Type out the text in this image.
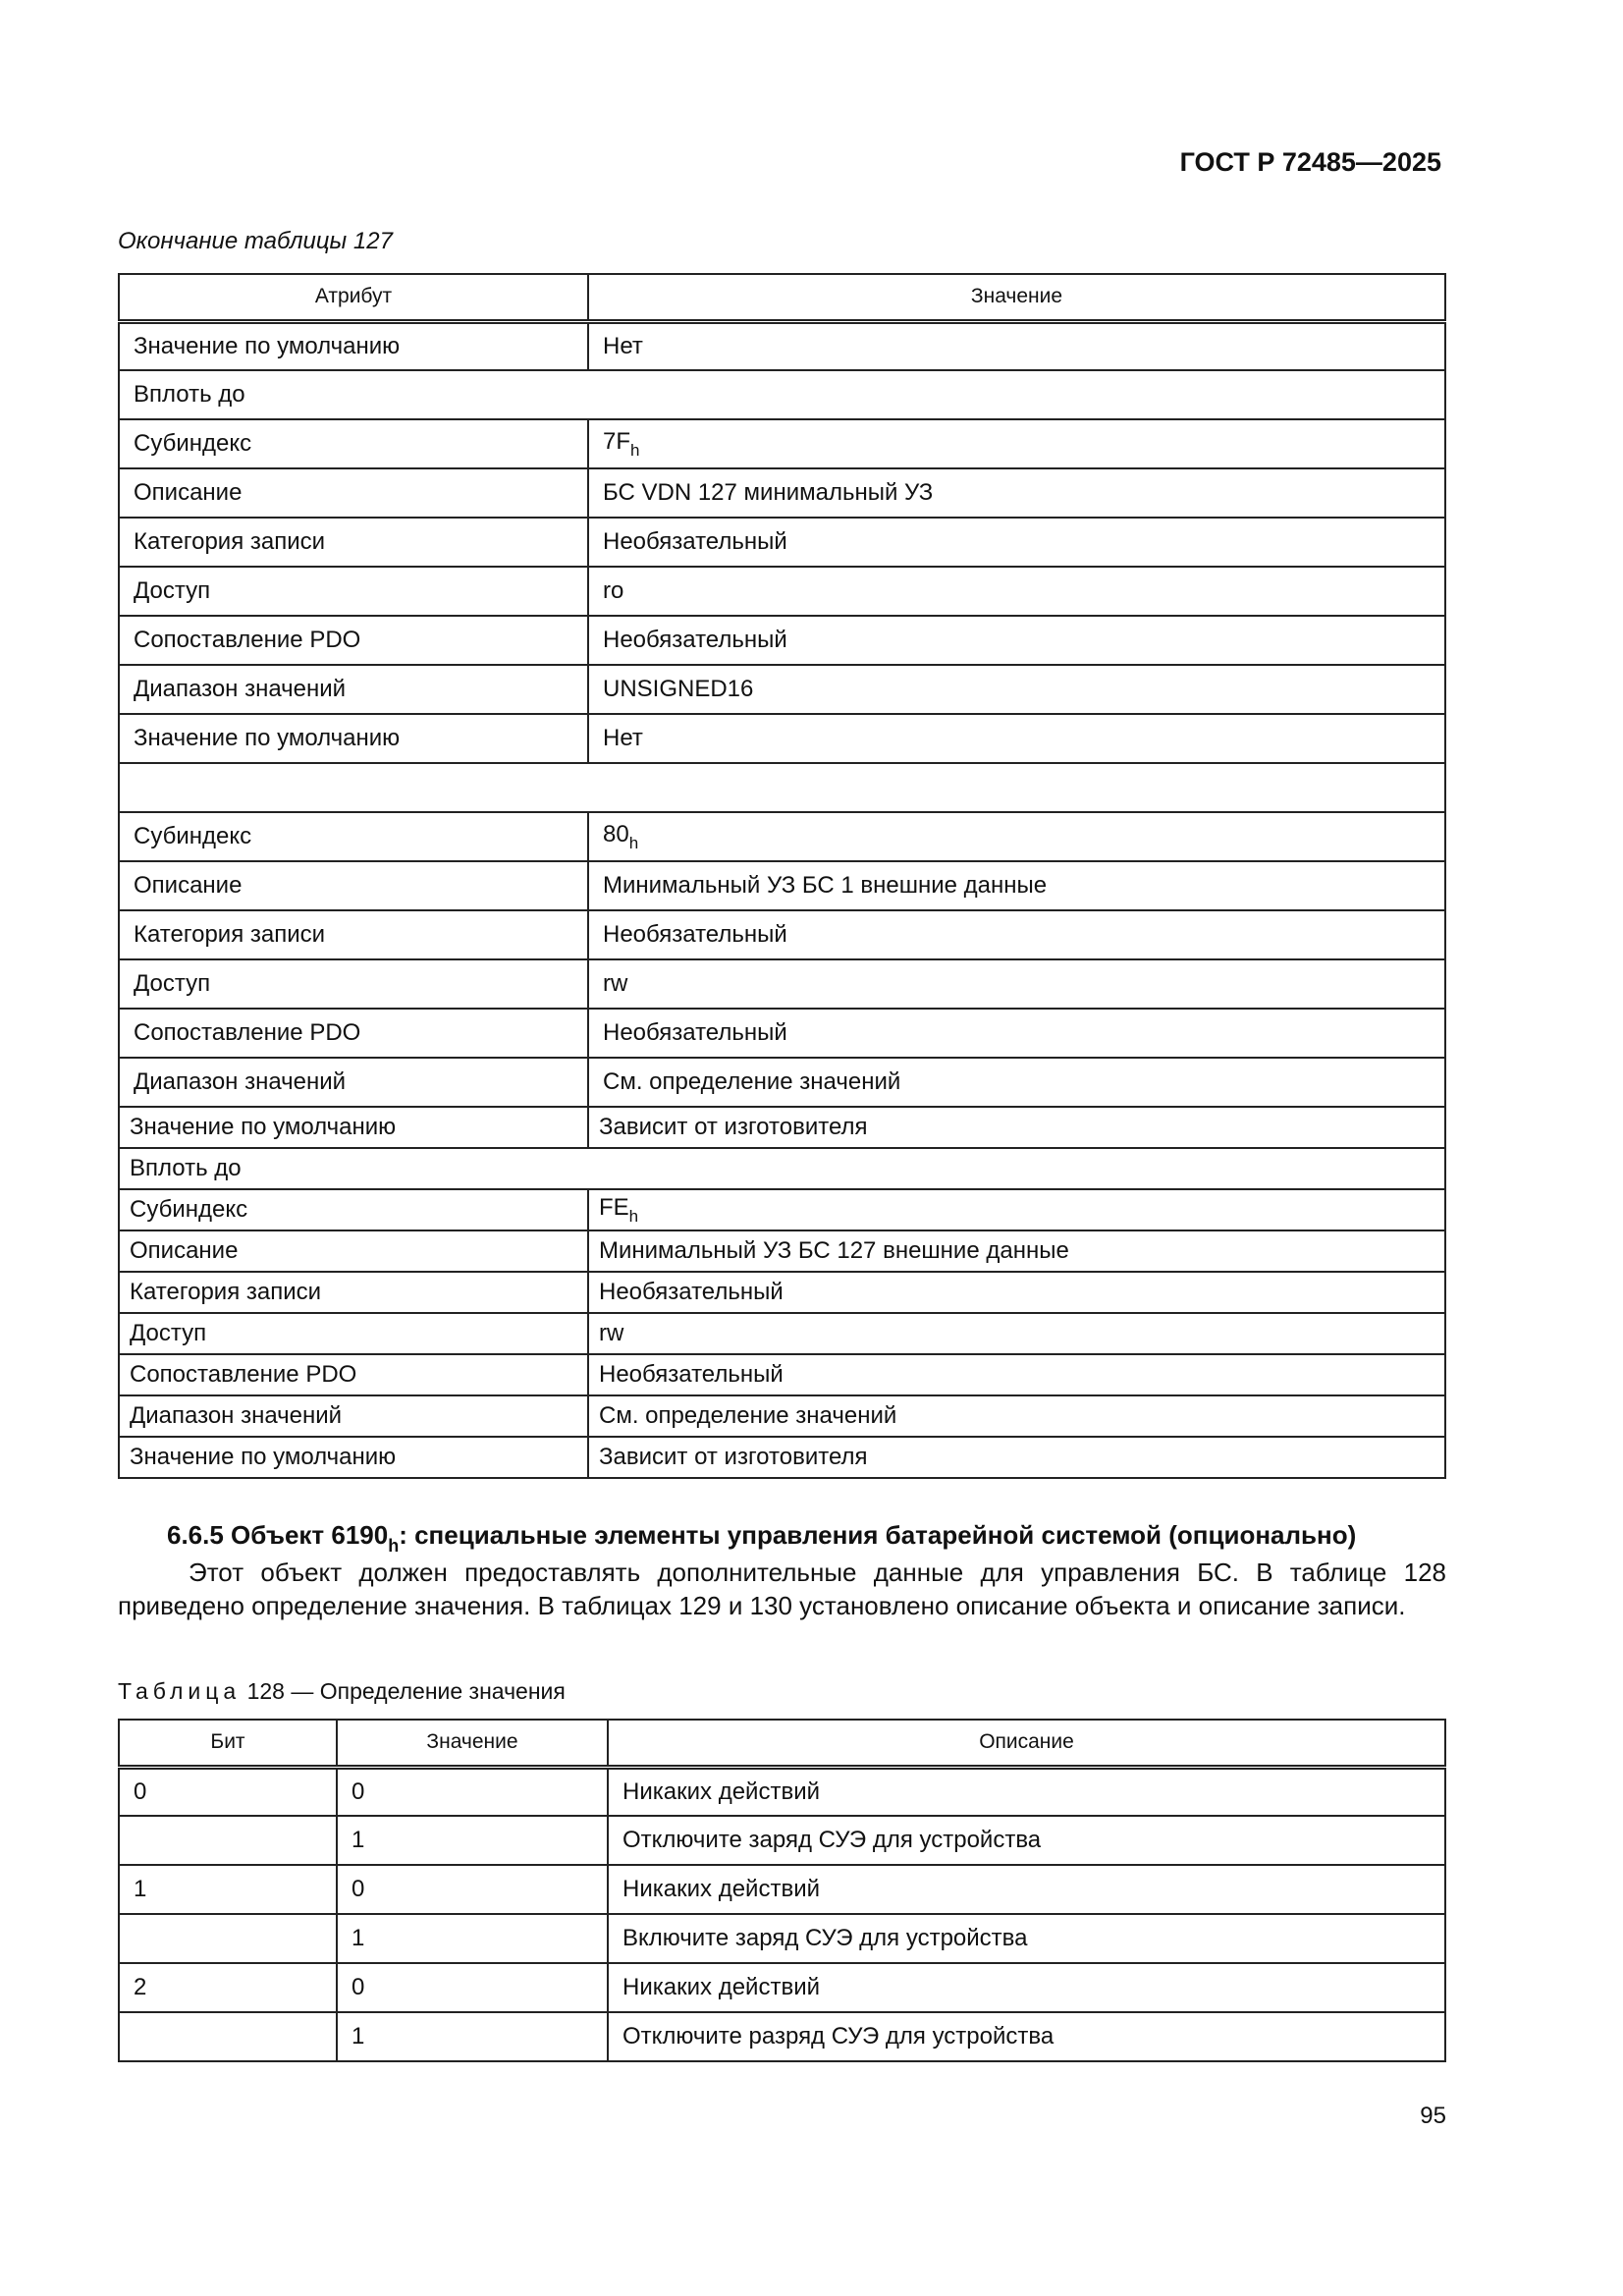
ГОСТ Р 72485—2025
Окончание таблицы 127
Атрибут	Значение
Значение по умолчанию	Нет
Вплоть до	
Субиндекс	$7F_h$
Описание	БС VDN 127 минимальный УЗ
Категория записи	Необязательный
Доступ	ro
Сопоставление PDO	Необязательный
Диапазон значений	UNSIGNED16
Значение по умолчанию	Нет

Субиндекс	$80_h$
Описание	Минимальный УЗ БС 1 внешние данные
Категория записи	Необязательный
Доступ	rw
Сопоставление PDO	Необязательный
Диапазон значений	См. определение значений
Значение по умолчанию	Зависит от изготовителя
Вплоть до	
Субиндекс	$FE_h$
Описание	Минимальный УЗ БС 127 внешние данные
Категория записи	Необязательный
Доступ	rw
Сопоставление PDO	Необязательный
Диапазон значений	См. определение значений
Значение по умолчанию	Зависит от изготовителя
6.6.5 Объект $6190_h$: специальные элементы управления батарейной системой (опционально)
Этот объект должен предоставлять дополнительные данные для управления БС. В таблице 128 приведено определение значения. В таблицах 129 и 130 установлено описание объекта и описание записи.
Таблица 128 — Определение значения
Бит	Значение	Описание
0	0	Никаких действий
	1	Отключите заряд СУЭ для устройства
1	0	Никаких действий
	1	Включите заряд СУЭ для устройства
2	0	Никаких действий
	1	Отключите разряд СУЭ для устройства
95
